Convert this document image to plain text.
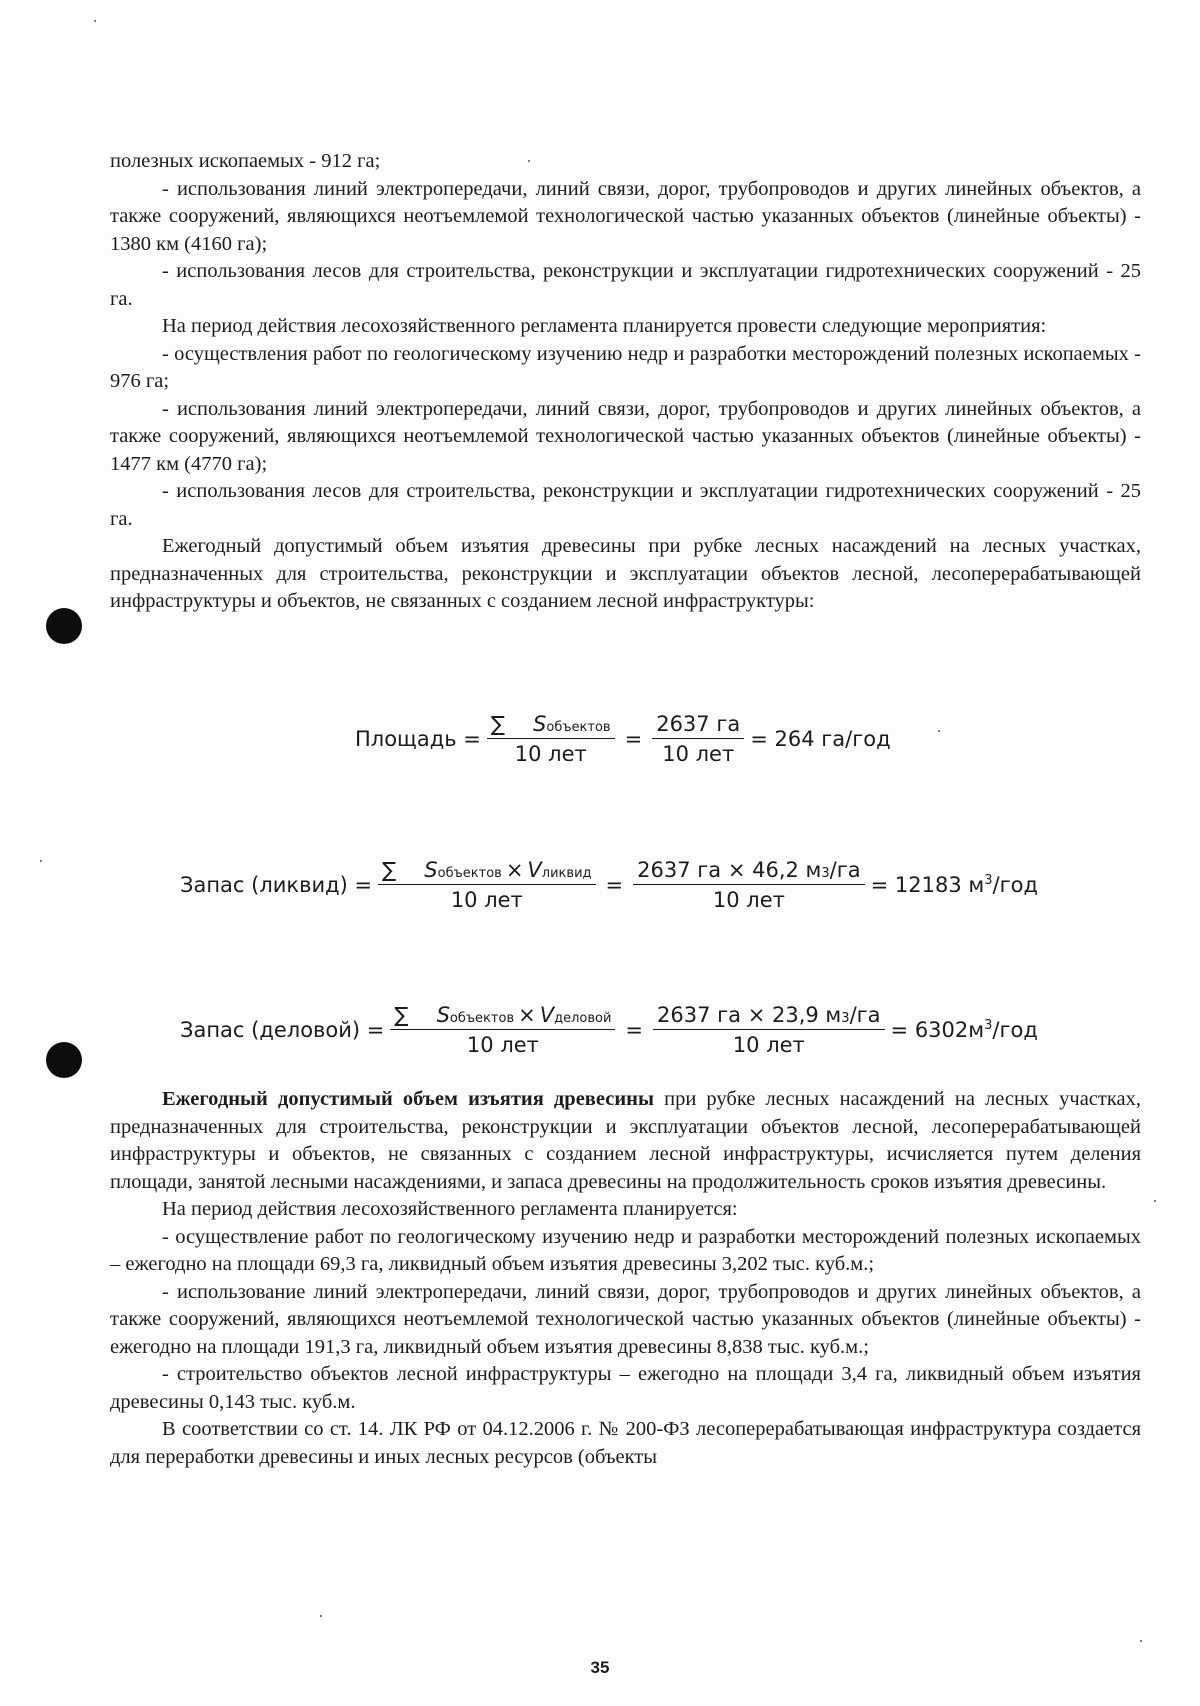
полезных ископаемых - 912 га;

- использования линий электропередачи, линий связи, дорог, трубопроводов и других линейных объектов, а также сооружений, являющихся неотъемлемой технологической частью указанных объектов (линейные объекты) - 1380 км (4160 га);

- использования лесов для строительства, реконструкции и эксплуатации гидротехнических сооружений - 25 га.

На период действия лесохозяйственного регламента планируется провести следующие мероприятия:

- осуществления работ по геологическому изучению недр и разработки месторождений полезных ископаемых - 976 га;

- использования линий электропередачи, линий связи, дорог, трубопроводов и других линейных объектов, а также сооружений, являющихся неотъемлемой технологической частью указанных объектов (линейные объекты) - 1477 км (4770 га);

- использования лесов для строительства, реконструкции и эксплуатации гидротехнических сооружений - 25 га.

Ежегодный допустимый объем изъятия древесины при рубке лесных насаждений на лесных участках, предназначенных для строительства, реконструкции и эксплуатации объектов лесной, лесоперерабатывающей инфраструктуры и объектов, не связанных с созданием лесной инфраструктуры:

Площадь = $\frac{\text{∑ S объектов}}{\text{10 лет}} = \frac{2637 га}{\text{10 лет}} = 264$ га/год
Запас (ликвид) = $\frac{\text{∑ S объектов × V ликвид}}{\text{10 лет}} = \frac{2637 га \times 46,2 м 3 /га}{\text{10 лет}} = 12183$ $м^3$/год
Запас (деловой) = $\frac{\text{∑ S объектов × V деловой}}{\text{10 лет}} = \frac{2637 га \times 23,9 м 3 /га}{\text{10 лет}} = 6302м^3/год$

Ежегодный допустимый объем изъятия древесины при рубке лесных насаждений на лесных участках, предназначенных для строительства, реконструкции и эксплуатации объектов лесной, лесоперерабатывающей инфраструктуры и объектов, не связанных с созданием лесной инфраструктуры, исчисляется путем деления площади, занятой лесными насаждениями, и запаса древесины на продолжительность сроков изъятия древесины.

На период действия лесохозяйственного регламента планируется:

- осуществление работ по геологическому изучению недр и разработки месторождений полезных ископаемых – ежегодно на площади 69,3 га, ликвидный объем изъятия древесины 3,202 тыс. куб.м.;

- использование линий электропередачи, линий связи, дорог, трубопроводов и других линейных объектов, а также сооружений, являющихся неотъемлемой технологической частью указанных объектов (линейные объекты) - ежегодно на площади 191,3 га, ликвидный объем изъятия древесины 8,838 тыс. куб.м.;

- строительство объектов лесной инфраструктуры – ежегодно на площади 3,4 га, ликвидный объем изъятия древесины 0,143 тыс. куб.м.

В соответствии со ст. 14. ЛК РФ от 04.12.2006 г. № 200-ФЗ лесоперерабатывающая инфраструктура создается для переработки древесины и иных лесных ресурсов (объекты

35
